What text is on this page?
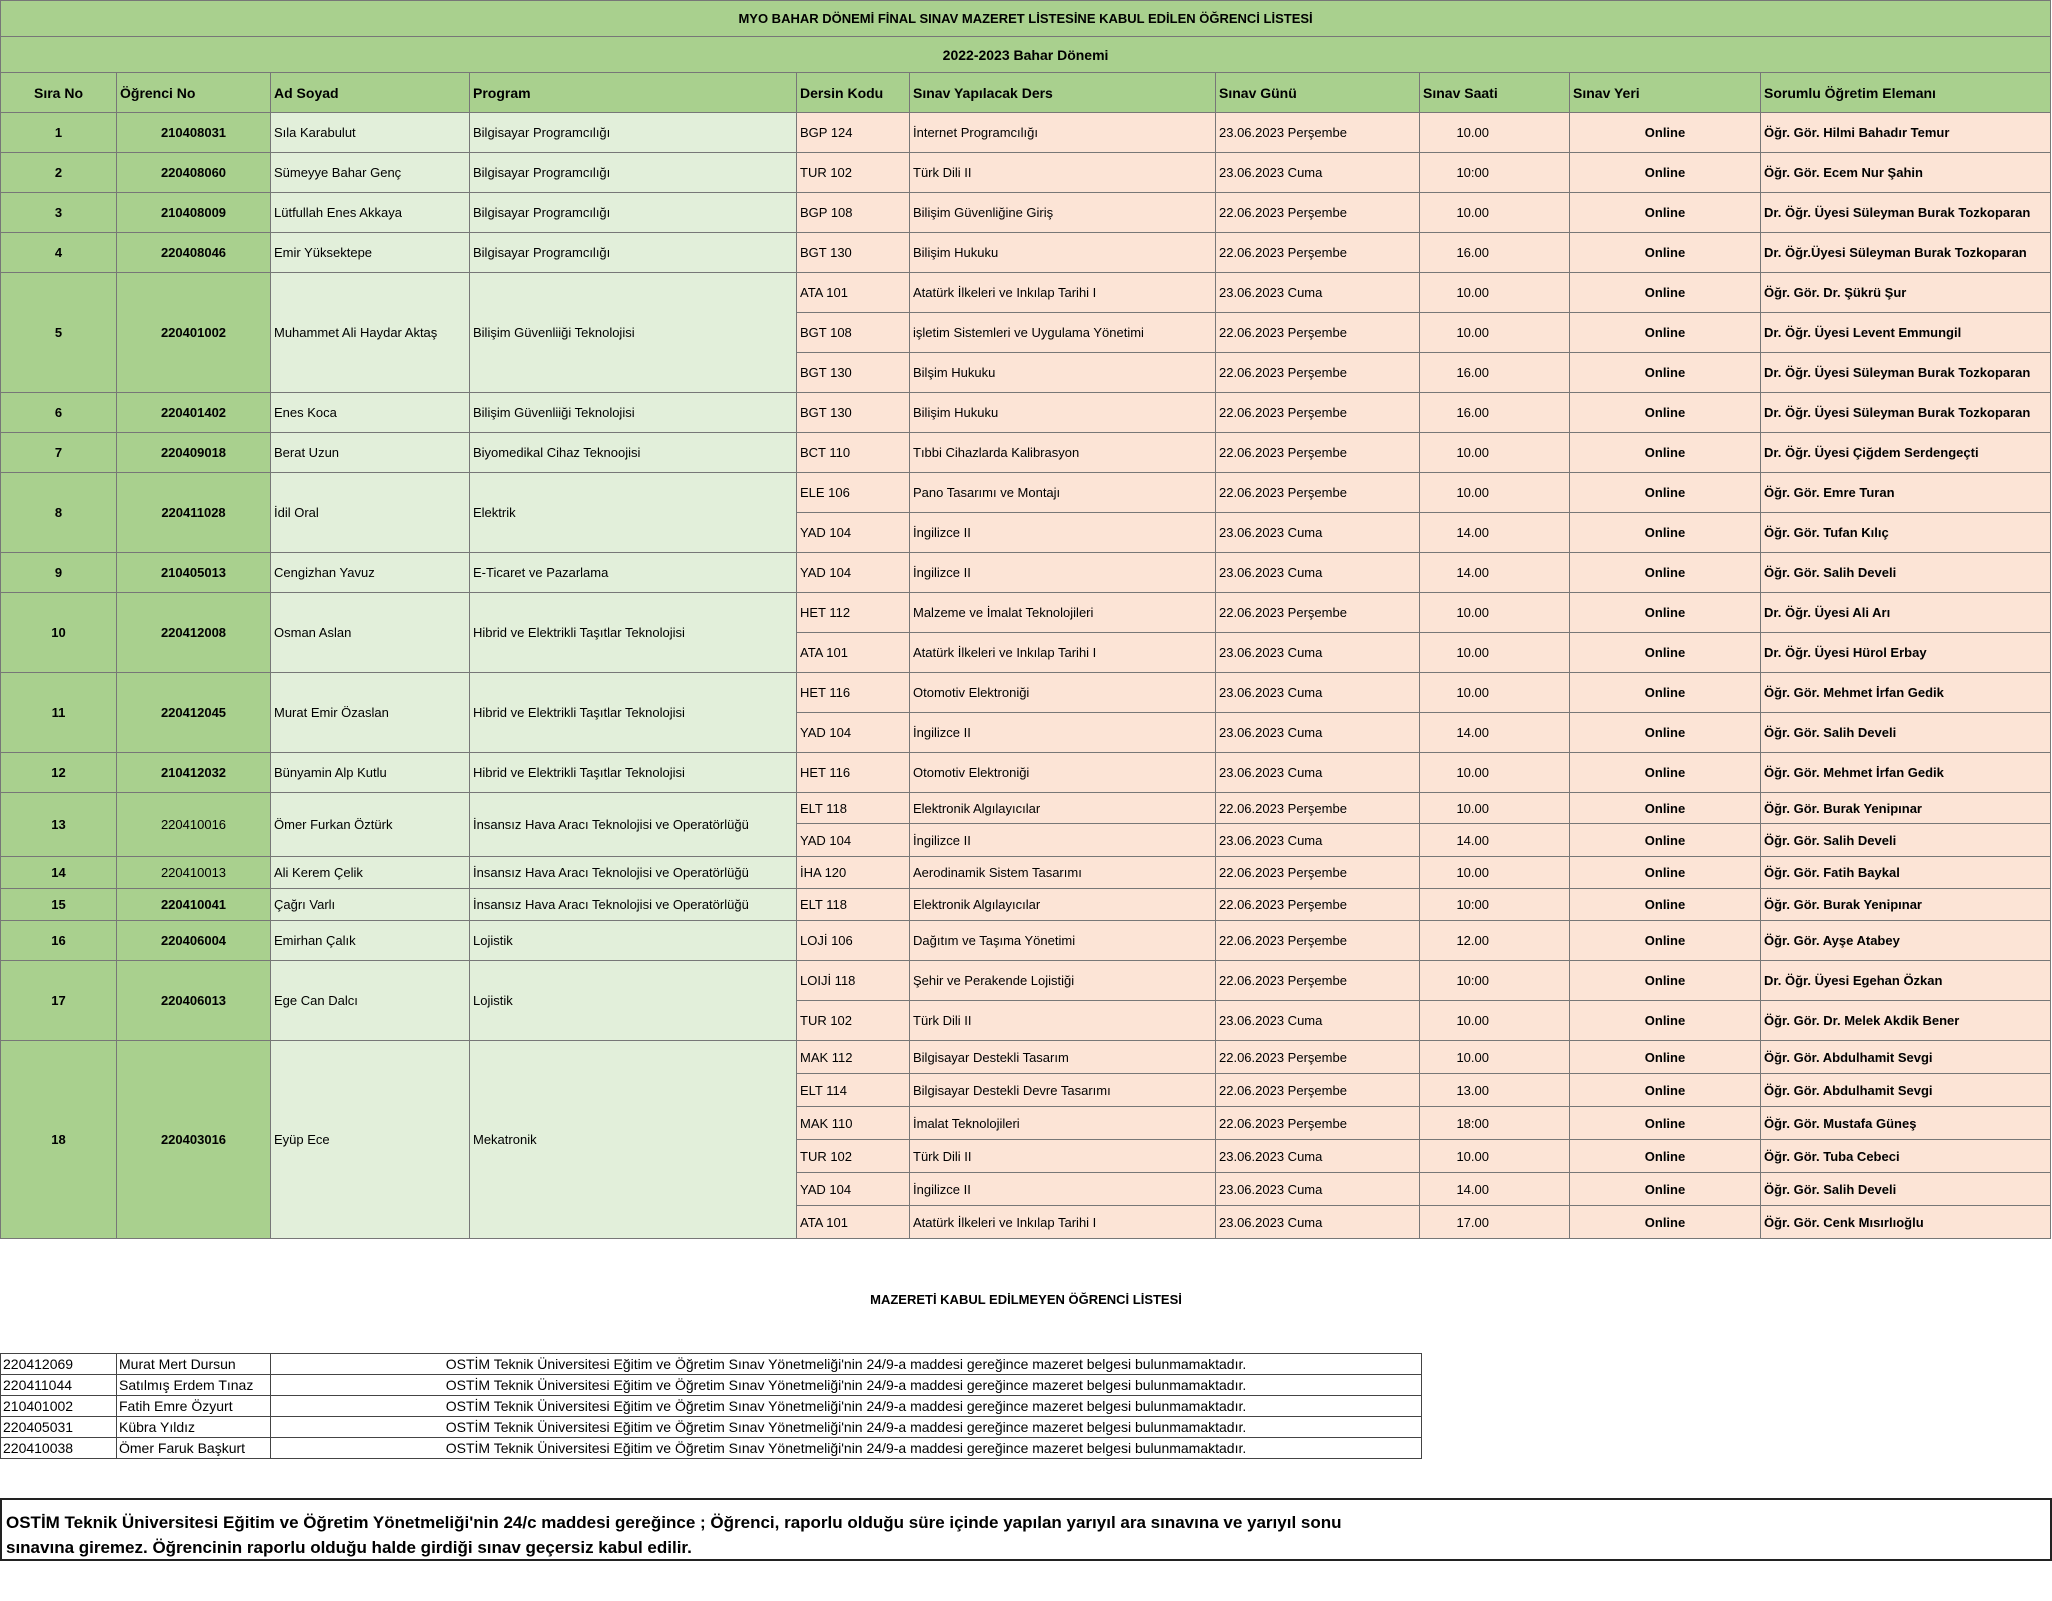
MYO BAHAR DÖNEMİ FİNAL SINAV MAZERET LİSTESİNE KABUL EDİLEN ÖĞRENCİ LİSTESİ									
2022-2023 Bahar Dönemi									
Sıra No	Öğrenci No	Ad Soyad	Program	Dersin Kodu	Sınav Yapılacak Ders	Sınav Günü	Sınav Saati	Sınav Yeri	Sorumlu Öğretim Elemanı
1	210408031	Sıla Karabulut	Bilgisayar Programcılığı	BGP 124	İnternet Programcılığı	23.06.2023 Perşembe	10.00	Online	Öğr. Gör. Hilmi Bahadır Temur
2	220408060	Sümeyye Bahar Genç	Bilgisayar Programcılığı	TUR 102	Türk Dili II	23.06.2023 Cuma	10:00	Online	Öğr. Gör. Ecem Nur Şahin
3	210408009	Lütfullah Enes Akkaya	Bilgisayar Programcılığı	BGP 108	Bilişim Güvenliğine Giriş	22.06.2023 Perşembe	10.00	Online	Dr. Öğr. Üyesi Süleyman Burak Tozkoparan
4	220408046	Emir Yüksektepe	Bilgisayar Programcılığı	BGT 130	Bilişim Hukuku	22.06.2023 Perşembe	16.00	Online	Dr. Öğr.Üyesi Süleyman Burak Tozkoparan
5	220401002	Muhammet Ali Haydar Aktaş	Bilişim Güvenliiği Teknolojisi	ATA 101	Atatürk İlkeleri ve Inkılap Tarihi I	23.06.2023 Cuma	10.00	Online	Öğr. Gör. Dr. Şükrü Şur
				BGT 108	işletim Sistemleri ve Uygulama Yönetimi	22.06.2023 Perşembe	10.00	Online	Dr. Öğr. Üyesi Levent Emmungil
				BGT 130	Bilşim Hukuku	22.06.2023 Perşembe	16.00	Online	Dr. Öğr. Üyesi Süleyman Burak Tozkoparan
6	220401402	Enes Koca	Bilişim Güvenliiği Teknolojisi	BGT 130	Bilişim Hukuku	22.06.2023 Perşembe	16.00	Online	Dr. Öğr. Üyesi Süleyman Burak Tozkoparan
7	220409018	Berat Uzun	Biyomedikal Cihaz Teknoojisi	BCT 110	Tıbbi Cihazlarda Kalibrasyon	22.06.2023 Perşembe	10.00	Online	Dr. Öğr. Üyesi Çiğdem Serdengeçti
8	220411028	İdil Oral	Elektrik	ELE 106	Pano Tasarımı ve Montajı	22.06.2023 Perşembe	10.00	Online	Öğr. Gör. Emre Turan
				YAD 104	İngilizce II	23.06.2023 Cuma	14.00	Online	Öğr. Gör. Tufan Kılıç
9	210405013	Cengizhan Yavuz	E-Ticaret ve Pazarlama	YAD 104	İngilizce II	23.06.2023 Cuma	14.00	Online	Öğr. Gör. Salih Develi
10	220412008	Osman Aslan	Hibrid ve Elektrikli Taşıtlar Teknolojisi	HET 112	Malzeme ve İmalat Teknolojileri	22.06.2023 Perşembe	10.00	Online	Dr. Öğr. Üyesi Ali Arı
				ATA 101	Atatürk İlkeleri ve Inkılap Tarihi I	23.06.2023 Cuma	10.00	Online	Dr. Öğr. Üyesi Hürol Erbay
11	220412045	Murat Emir Özaslan	Hibrid ve Elektrikli Taşıtlar Teknolojisi	HET 116	Otomotiv Elektroniği	23.06.2023 Cuma	10.00	Online	Öğr. Gör. Mehmet İrfan Gedik
				YAD 104	İngilizce II	23.06.2023 Cuma	14.00	Online	Öğr. Gör. Salih Develi
12	210412032	Bünyamin Alp Kutlu	Hibrid ve Elektrikli Taşıtlar Teknolojisi	HET 116	Otomotiv Elektroniği	23.06.2023 Cuma	10.00	Online	Öğr. Gör. Mehmet İrfan Gedik
13	220410016	Ömer Furkan Öztürk	İnsansız Hava Aracı Teknolojisi ve Operatörlüğü	ELT 118	Elektronik Algılayıcılar	22.06.2023 Perşembe	10.00	Online	Öğr. Gör. Burak Yenipınar
				YAD 104	İngilizce II	23.06.2023 Cuma	14.00	Online	Öğr. Gör. Salih Develi
14	220410013	Ali Kerem Çelik	İnsansız Hava Aracı Teknolojisi ve Operatörlüğü	İHA 120	Aerodinamik Sistem Tasarımı	22.06.2023 Perşembe	10.00	Online	Öğr. Gör. Fatih Baykal
15	220410041	Çağrı Varlı	İnsansız Hava Aracı Teknolojisi ve Operatörlüğü	ELT 118	Elektronik Algılayıcılar	22.06.2023 Perşembe	10:00	Online	Öğr. Gör. Burak Yenipınar
16	220406004	Emirhan Çalık	Lojistik	LOJİ 106	Dağıtım ve Taşıma Yönetimi	22.06.2023 Perşembe	12.00	Online	Öğr. Gör. Ayşe Atabey
17	220406013	Ege Can Dalcı	Lojistik	LOIJİ 118	Şehir ve Perakende Lojistiği	22.06.2023 Perşembe	10:00	Online	Dr. Öğr. Üyesi Egehan Özkan
				TUR 102	Türk Dili II	23.06.2023 Cuma	10.00	Online	Öğr. Gör. Dr. Melek Akdik Bener
18	220403016	Eyüp Ece	Mekatronik	MAK 112	Bilgisayar Destekli Tasarım	22.06.2023 Perşembe	10.00	Online	Öğr. Gör. Abdulhamit Sevgi
				ELT 114	Bilgisayar Destekli Devre Tasarımı	22.06.2023 Perşembe	13.00	Online	Öğr. Gör. Abdulhamit Sevgi
				MAK 110	İmalat Teknolojileri	22.06.2023 Perşembe	18:00	Online	Öğr. Gör. Mustafa Güneş
				TUR 102	Türk Dili II	23.06.2023 Cuma	10.00	Online	Öğr. Gör. Tuba Cebeci
				YAD 104	İngilizce II	23.06.2023 Cuma	14.00	Online	Öğr. Gör. Salih Develi
				ATA 101	Atatürk İlkeleri ve Inkılap Tarihi I	23.06.2023 Cuma	17.00	Online	Öğr. Gör. Cenk Mısırlıoğlu
MAZERETİ KABUL EDİLMEYEN ÖĞRENCİ LİSTESİ
220412069	Murat Mert Dursun	OSTİM Teknik Üniversitesi Eğitim ve Öğretim Sınav Yönetmeliği'nin 24/9-a maddesi gereğince mazeret belgesi bulunmamaktadır.
220411044	Satılmış Erdem Tınaz	OSTİM Teknik Üniversitesi Eğitim ve Öğretim Sınav Yönetmeliği'nin 24/9-a maddesi gereğince mazeret belgesi bulunmamaktadır.
210401002	Fatih Emre Özyurt	OSTİM Teknik Üniversitesi Eğitim ve Öğretim Sınav Yönetmeliği'nin 24/9-a maddesi gereğince mazeret belgesi bulunmamaktadır.
220405031	Kübra Yıldız	OSTİM Teknik Üniversitesi Eğitim ve Öğretim Sınav Yönetmeliği'nin 24/9-a maddesi gereğince mazeret belgesi bulunmamaktadır.
220410038	Ömer Faruk Başkurt	OSTİM Teknik Üniversitesi Eğitim ve Öğretim Sınav Yönetmeliği'nin 24/9-a maddesi gereğince mazeret belgesi bulunmamaktadır.
OSTİM Teknik Üniversitesi Eğitim ve Öğretim Yönetmeliği'nin 24/c maddesi gereğince ; Öğrenci, raporlu olduğu süre içinde yapılan yarıyıl ara sınavına ve yarıyıl sonu sınavına giremez. Öğrencinin raporlu olduğu halde girdiği sınav geçersiz kabul edilir.
